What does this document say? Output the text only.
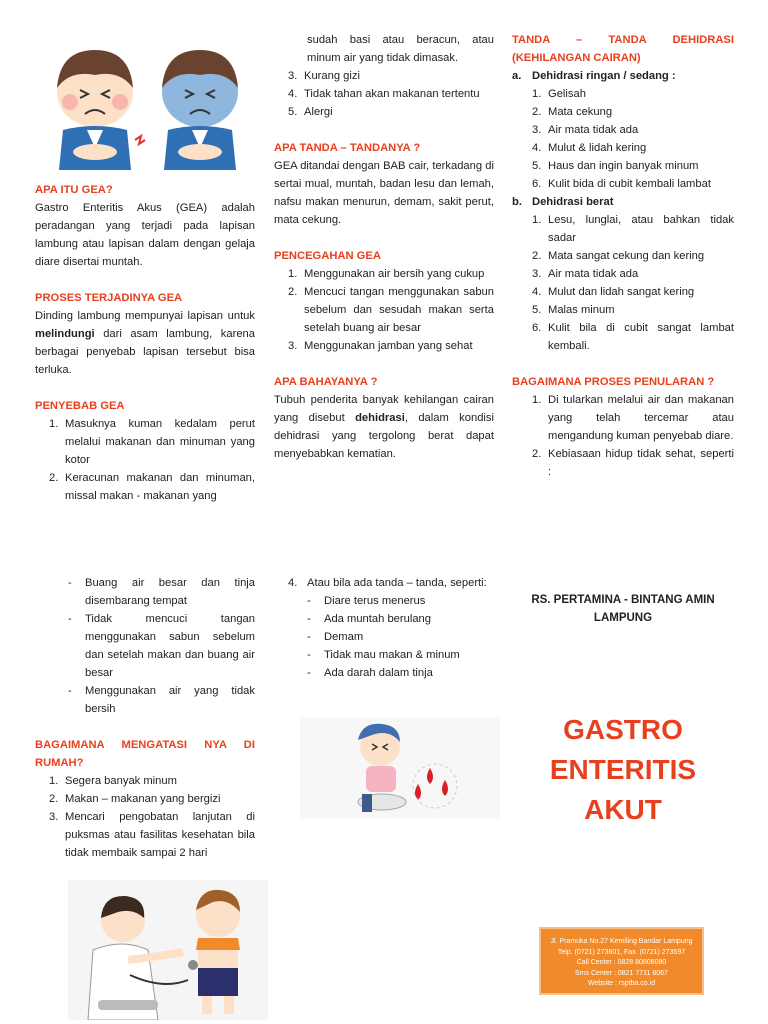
APA ITU GEA?
Gastro Enteritis Akus (GEA) adalah peradangan yang terjadi pada lapisan lambung atau lapisan dalam dengan gelaja diare disertai muntah.
PROSES TERJADINYA GEA
Dinding lambung mempunyai lapisan untuk melindungi dari asam lambung, karena berbagai penyebab lapisan tersebut bisa terluka.
PENYEBAB GEA
1. Masuknya kuman kedalam perut melalui makanan dan minuman yang kotor
2. Keracunan makanan dan minuman, missal makan - makanan yang
sudah basi atau beracun, atau minum air yang tidak dimasak.
3. Kurang gizi
4. Tidak tahan akan makanan tertentu
5. Alergi
APA TANDA – TANDANYA ?
GEA ditandai dengan BAB cair, terkadang di sertai mual, muntah, badan lesu dan lemah, nafsu makan menurun, demam, sakit perut, mata cekung.
PENCEGAHAN GEA
1. Menggunakan air bersih yang cukup
2. Mencuci tangan menggunakan sabun sebelum dan sesudah makan serta setelah buang air besar
3. Menggunakan jamban yang sehat
APA BAHAYANYA ?
Tubuh penderita banyak kehilangan cairan yang disebut dehidrasi, dalam kondisi dehidrasi yang tergolong berat dapat menyebabkan kematian.
TANDA – TANDA DEHIDRASI (KEHILANGAN CAIRAN)
a. Dehidrasi ringan / sedang :
1. Gelisah
2. Mata cekung
3. Air mata tidak ada
4. Mulut & lidah kering
5. Haus dan ingin banyak minum
6. Kulit bida di cubit kembali lambat
b. Dehidrasi berat
1. Lesu, lunglai, atau bahkan tidak sadar
2. Mata sangat cekung dan kering
3. Air mata tidak ada
4. Mulut dan lidah sangat kering
5. Malas minum
6. Kulit bila di cubit sangat lambat kembali.
BAGAIMANA PROSES PENULARAN ?
1. Di tularkan melalui air dan makanan yang telah tercemar atau mengandung kuman penyebab diare.
2. Kebiasaan hidup tidak sehat, seperti :
- Buang air besar dan tinja disembarang tempat
- Tidak mencuci tangan menggunakan sabun sebelum dan setelah makan dan buang air besar
- Menggunakan air yang tidak bersih
BAGAIMANA MENGATASI NYA DI RUMAH?
1. Segera banyak minum
2. Makan – makanan yang bergizi
3. Mencari pengobatan lanjutan di puksmas atau fasilitas kesehatan bila tidak membaik sampai 2 hari
4. Atau bila ada tanda – tanda, seperti:
- Diare terus menerus
- Ada muntah berulang
- Demam
- Tidak mau makan & minum
- Ada darah dalam tinja
RS. PERTAMINA - BINTANG AMIN
LAMPUNG
GASTRO
ENTERITIS
AKUT
Jl. Pramuka No.27 Kemiling Bandar Lampung
Telp. (0721) 273601, Fax. (0721) 273597
Call Center : 0828 80808080
Sms Center : 0821 7711 8067
Website : rsptba.co.id
